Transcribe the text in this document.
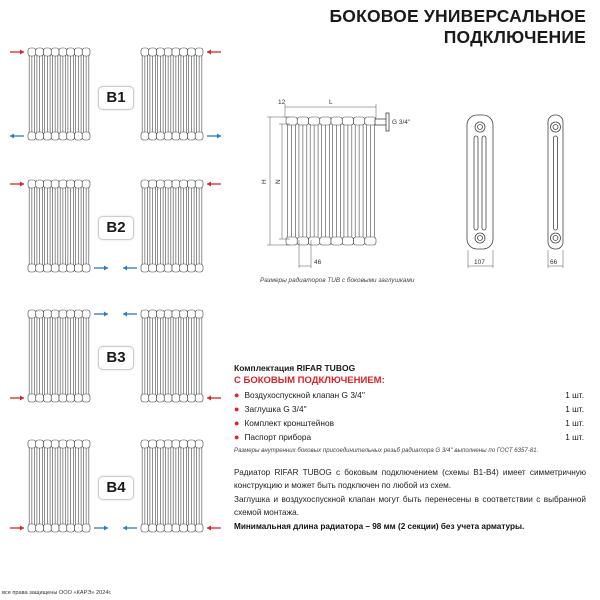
БОКОВОЕ УНИВЕРСАЛЬНОЕ
ПОДКЛЮЧЕНИЕ
B1
B2
B3
B4
12	L
H N
46
G 3/4''
107	66
Размеры радиаторов TUB с боковыми заглушками
Комплектация RIFAR TUBOG
С БОКОВЫМ ПОДКЛЮЧЕНИЕМ:
● Воздухоспускной клапан G 3/4''	1 шт.
● Заглушка G 3/4''	1 шт.
● Комплект кронштейнов	1 шт.
● Паспорт прибора	1 шт.
Размеры внутренних боковых присоединительных резьб радиатора G 3/4'' выполнены по ГОСТ 6357-81.

Радиатор RIFAR TUBOG с боковым подключением (схемы B1-B4) имеет симметричную конструкцию и может быть подключен по любой из схем.

Заглушка и воздухоспускной клапан могут быть перенесены в соответствии с выбранной схемой монтажа.

Минимальная длина радиатора – 98 мм (2 секции) без учета арматуры.

все права защищены ООО «КАРЭ» 2024г.
